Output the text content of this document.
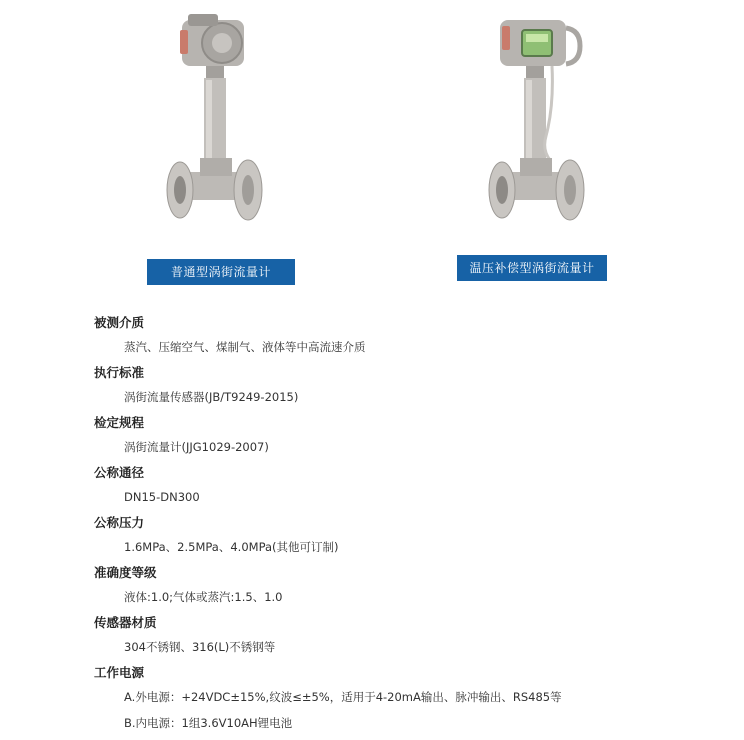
普通型涡街流量计	温压补偿型涡街流量计
被测介质
蒸汽、压缩空气、煤制气、液体等中高流速介质
执行标准
涡街流量传感器(JB/T9249-2015)
检定规程
涡街流量计(JJG1029-2007)
公称通径
DN15-DN300
公称压力
1.6MPa、2.5MPa、4.0MPa(其他可订制)
准确度等级
液体:1.0;气体或蒸汽:1.5、1.0
传感器材质
304不锈钢、316(L)不锈钢等
工作电源
A.外电源：+24VDC±15%,纹波≤±5%，适用于4-20mA输出、脉冲输出、RS485等
B.内电源：1组3.6V10AH锂电池
